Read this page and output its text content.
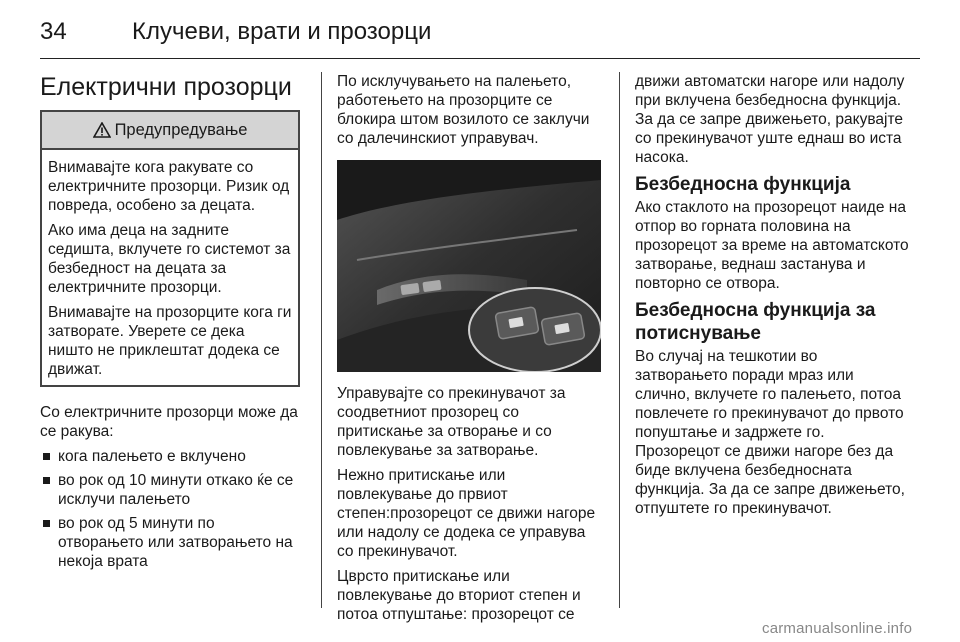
34	Клучеви, врати и прозорци
Електрични прозорци
Предупредување

Внимавајте кога ракувате со електричните прозорци. Ризик од повреда, особено за децата.

Ако има деца на задните седишта, вклучете го системот за безбедност на децата за електричните прозорци.

Внимавајте на прозорците кога ги затворате. Уверете се дека ништо не приклештат додека се движат.

Со електричните прозорци може да се ракува:

кога палењето е вклучено
во рок од 10 минути откако ќе се исклучи палењето
во рок од 5 минути по отворањето или затворањето на некоја врата

По исклучувањето на палењето, работењето на прозорците се блокира штом возилото се заклучи со далечинскиот управувач.

Управувајте со прекинувачот за соодветниот прозорец со притискање за отворање и со повлекување за затворање.

Нежно притискање или повлекување до првиот степен:прозорецот се движи нагоре или надолу се додека се управува со прекинувачот.

Цврсто притискање или повлекување до вториот степен и потоа отпуштање: прозорецот се

движи автоматски нагоре или надолу при вклучена безбедносна функција. За да се запре движењето, ракувајте со прекинувачот уште еднаш во иста насока.

Безбедносна функција

Ако стаклото на прозорецот наиде на отпор во горната половина на прозорецот за време на автоматското затворање, веднаш застанува и повторно се отвора.

Безбедносна функција за потиснување

Во случај на тешкотии во затворањето поради мраз или слично, вклучете го палењето, потоа повлечете го прекинувачот до првото попуштање и задржете го. Прозорецот се движи нагоре без да биде вклучена безбедносната функција. За да се запре движењето, отпуштете го прекинувачот.

carmanualsonline.info
